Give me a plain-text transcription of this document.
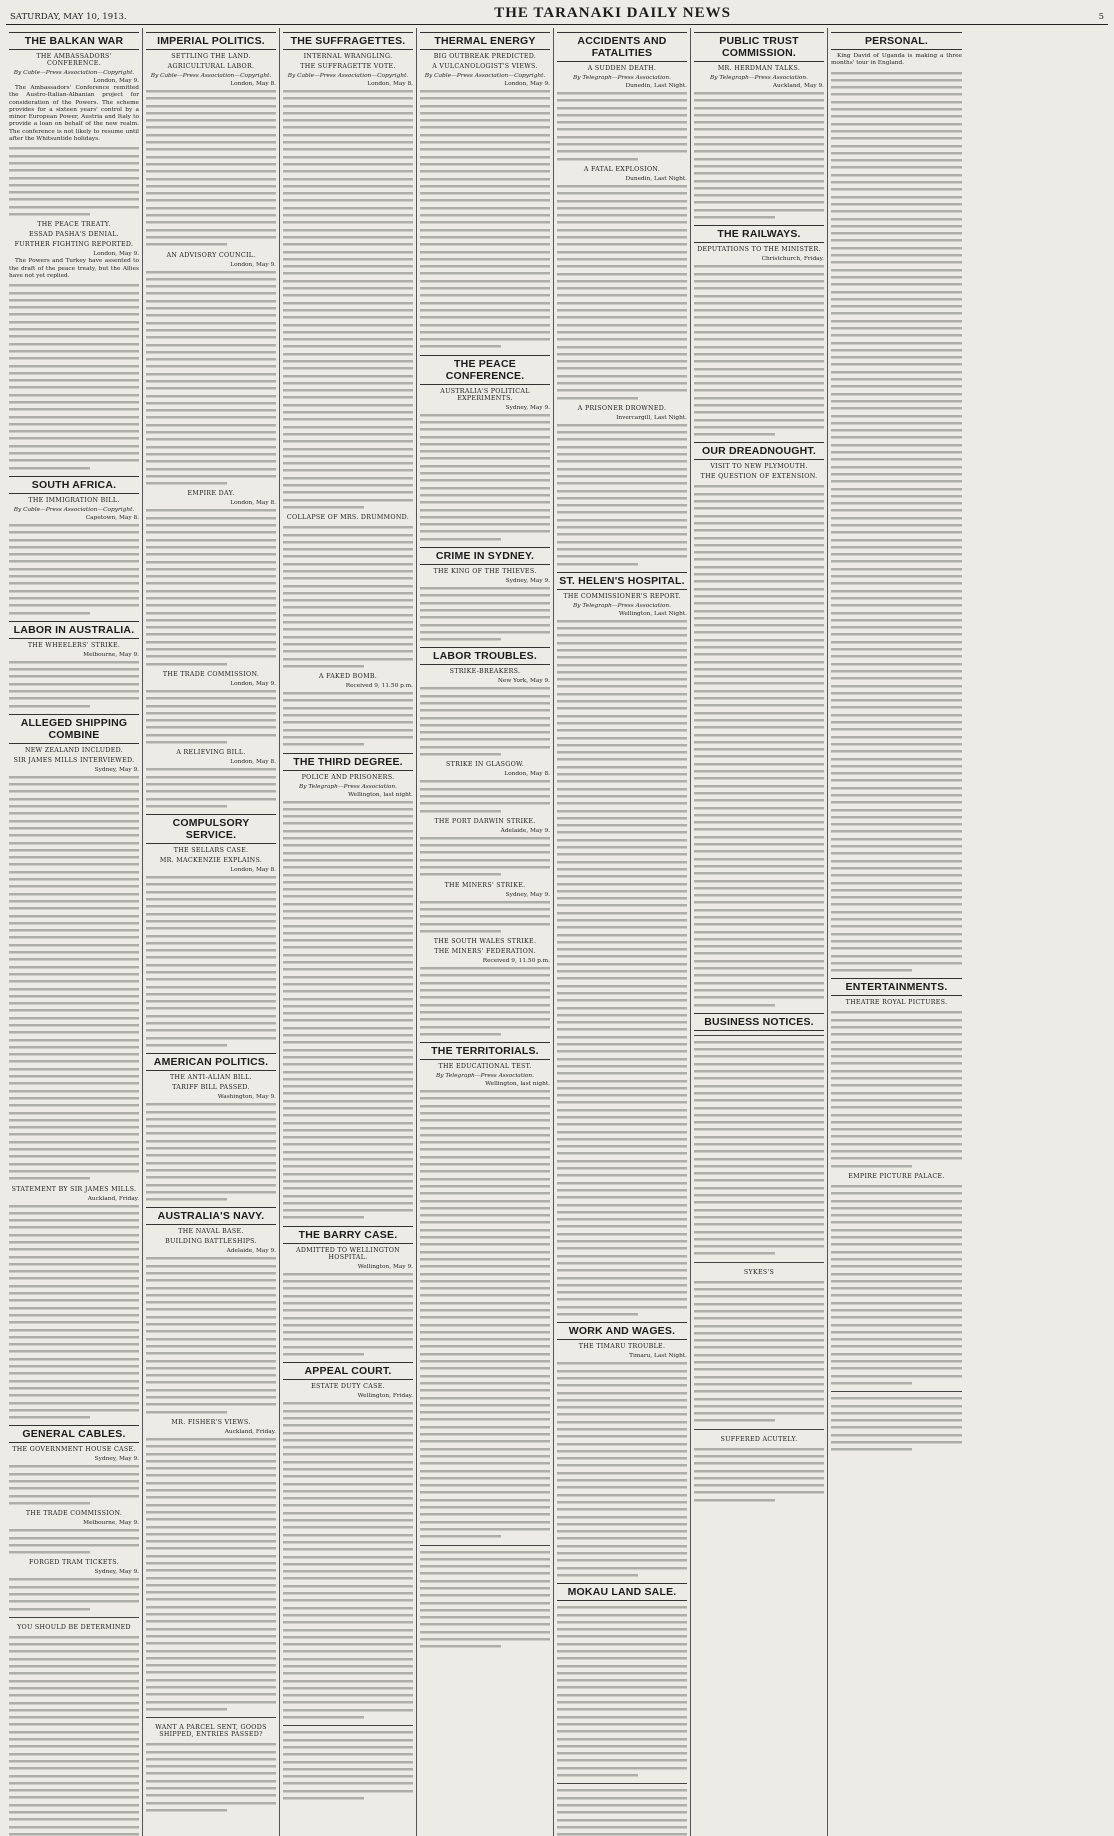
SATURDAY, MAY 10, 1913.	THE TARANAKI DAILY NEWS	5
THE BALKAN WAR
THE AMBASSADORS' CONFERENCE.
By Cable—Press Association—Copyright.
London, May 9.
The Ambassadors' Conference remitted the Austro-Italian-Albanian project for consideration of the Powers. The scheme provides for a sixteen years' control by a minor European Power, Austria and Italy to provide a loan on behalf of the new realm. The conference is not likely to resume until after the Whitsuntide holidays.
THE PEACE TREATY.
ESSAD PASHA'S DENIAL.
FURTHER FIGHTING REPORTED.
London, May 9.
The Powers and Turkey have assented to the draft of the peace treaty, but the Allies have not yet replied.
SOUTH AFRICA.
THE IMMIGRATION BILL.
By Cable—Press Association—Copyright.
Capetown, May 8.
LABOR IN AUSTRALIA.
THE WHEELERS' STRIKE.
Melbourne, May 9.
ALLEGED SHIPPING COMBINE
NEW ZEALAND INCLUDED.
SIR JAMES MILLS INTERVIEWED.
Sydney, May 9.
STATEMENT BY SIR JAMES MILLS.
Auckland, Friday.
GENERAL CABLES.
THE GOVERNMENT HOUSE CASE.
Sydney, May 9.
THE TRADE COMMISSION.
Melbourne, May 9.
FORGED TRAM TICKETS.
Sydney, May 9.
YOU SHOULD BE DETERMINED
IMPERIAL POLITICS.
SETTLING THE LAND.
AGRICULTURAL LABOR.
By Cable—Press Association—Copyright.
London, May 8.
AN ADVISORY COUNCIL.
London, May 9.
EMPIRE DAY.
London, May 8.
THE TRADE COMMISSION.
London, May 9.
A RELIEVING BILL.
London, May 8.
COMPULSORY SERVICE.
THE SELLARS CASE.
MR. MACKENZIE EXPLAINS.
London, May 8.
AMERICAN POLITICS.
THE ANTI-ALIAN BILL.
TARIFF BILL PASSED.
Washington, May 9.
AUSTRALIA'S NAVY.
THE NAVAL BASE.
BUILDING BATTLESHIPS.
Adelaide, May 9.
MR. FISHER'S VIEWS.
Auckland, Friday.
WANT A PARCEL SENT, GOODS SHIPPED, ENTRIES PASSED?
THE SUFFRAGETTES.
INTERNAL WRANGLING.
THE SUFFRAGETTE VOTE.
By Cable—Press Association—Copyright.
London, May 8.
COLLAPSE OF MRS. DRUMMOND.
A FAKED BOMB.
Received 9, 11.50 p.m.
THE THIRD DEGREE.
POLICE AND PRISONERS.
By Telegraph—Press Association.
Wellington, last night.
THE BARRY CASE.
ADMITTED TO WELLINGTON HOSPITAL.
Wellington, May 9.
APPEAL COURT.
ESTATE DUTY CASE.
Wellington, Friday.
THERMAL ENERGY
BIG OUTBREAK PREDICTED.
A VULCANOLOGIST'S VIEWS.
By Cable—Press Association—Copyright.
London, May 9.
THE PEACE CONFERENCE.
AUSTRALIA'S POLITICAL EXPERIMENTS.
Sydney, May 9.
CRIME IN SYDNEY.
THE KING OF THE THIEVES.
Sydney, May 9.
LABOR TROUBLES.
STRIKE-BREAKERS.
New York, May 9.
STRIKE IN GLASGOW.
London, May 8.
THE PORT DARWIN STRIKE.
Adelaide, May 9.
THE MINERS' STRIKE.
Sydney, May 9.
THE SOUTH WALES STRIKE.
THE MINERS' FEDERATION.
Received 9, 11.50 p.m.
THE TERRITORIALS.
THE EDUCATIONAL TEST.
By Telegraph—Press Association.
Wellington, last night.
ACCIDENTS AND FATALITIES
A SUDDEN DEATH.
By Telegraph—Press Association.
Dunedin, Last Night.
A FATAL EXPLOSION.
Dunedin, Last Night.
A PRISONER DROWNED.
Invercargill, Last Night.
ST. HELEN'S HOSPITAL.
THE COMMISSIONER'S REPORT.
By Telegraph—Press Association.
Wellington, Last Night.
WORK AND WAGES.
THE TIMARU TROUBLE.
Timaru, Last Night.
MOKAU LAND SALE.
PUBLIC TRUST COMMISSION.
MR. HERDMAN TALKS.
By Telegraph—Press Association.
Auckland, May 9.
THE RAILWAYS.
DEPUTATIONS TO THE MINISTER.
Christchurch, Friday.
OUR DREADNOUGHT.
VISIT TO NEW PLYMOUTH.
THE QUESTION OF EXTENSION.
BUSINESS NOTICES.
SYKES'S
SUFFERED ACUTELY.
PERSONAL.
King David of Uganda is making a three months' tour in England.
ENTERTAINMENTS.
THEATRE ROYAL PICTURES.
EMPIRE PICTURE PALACE.
